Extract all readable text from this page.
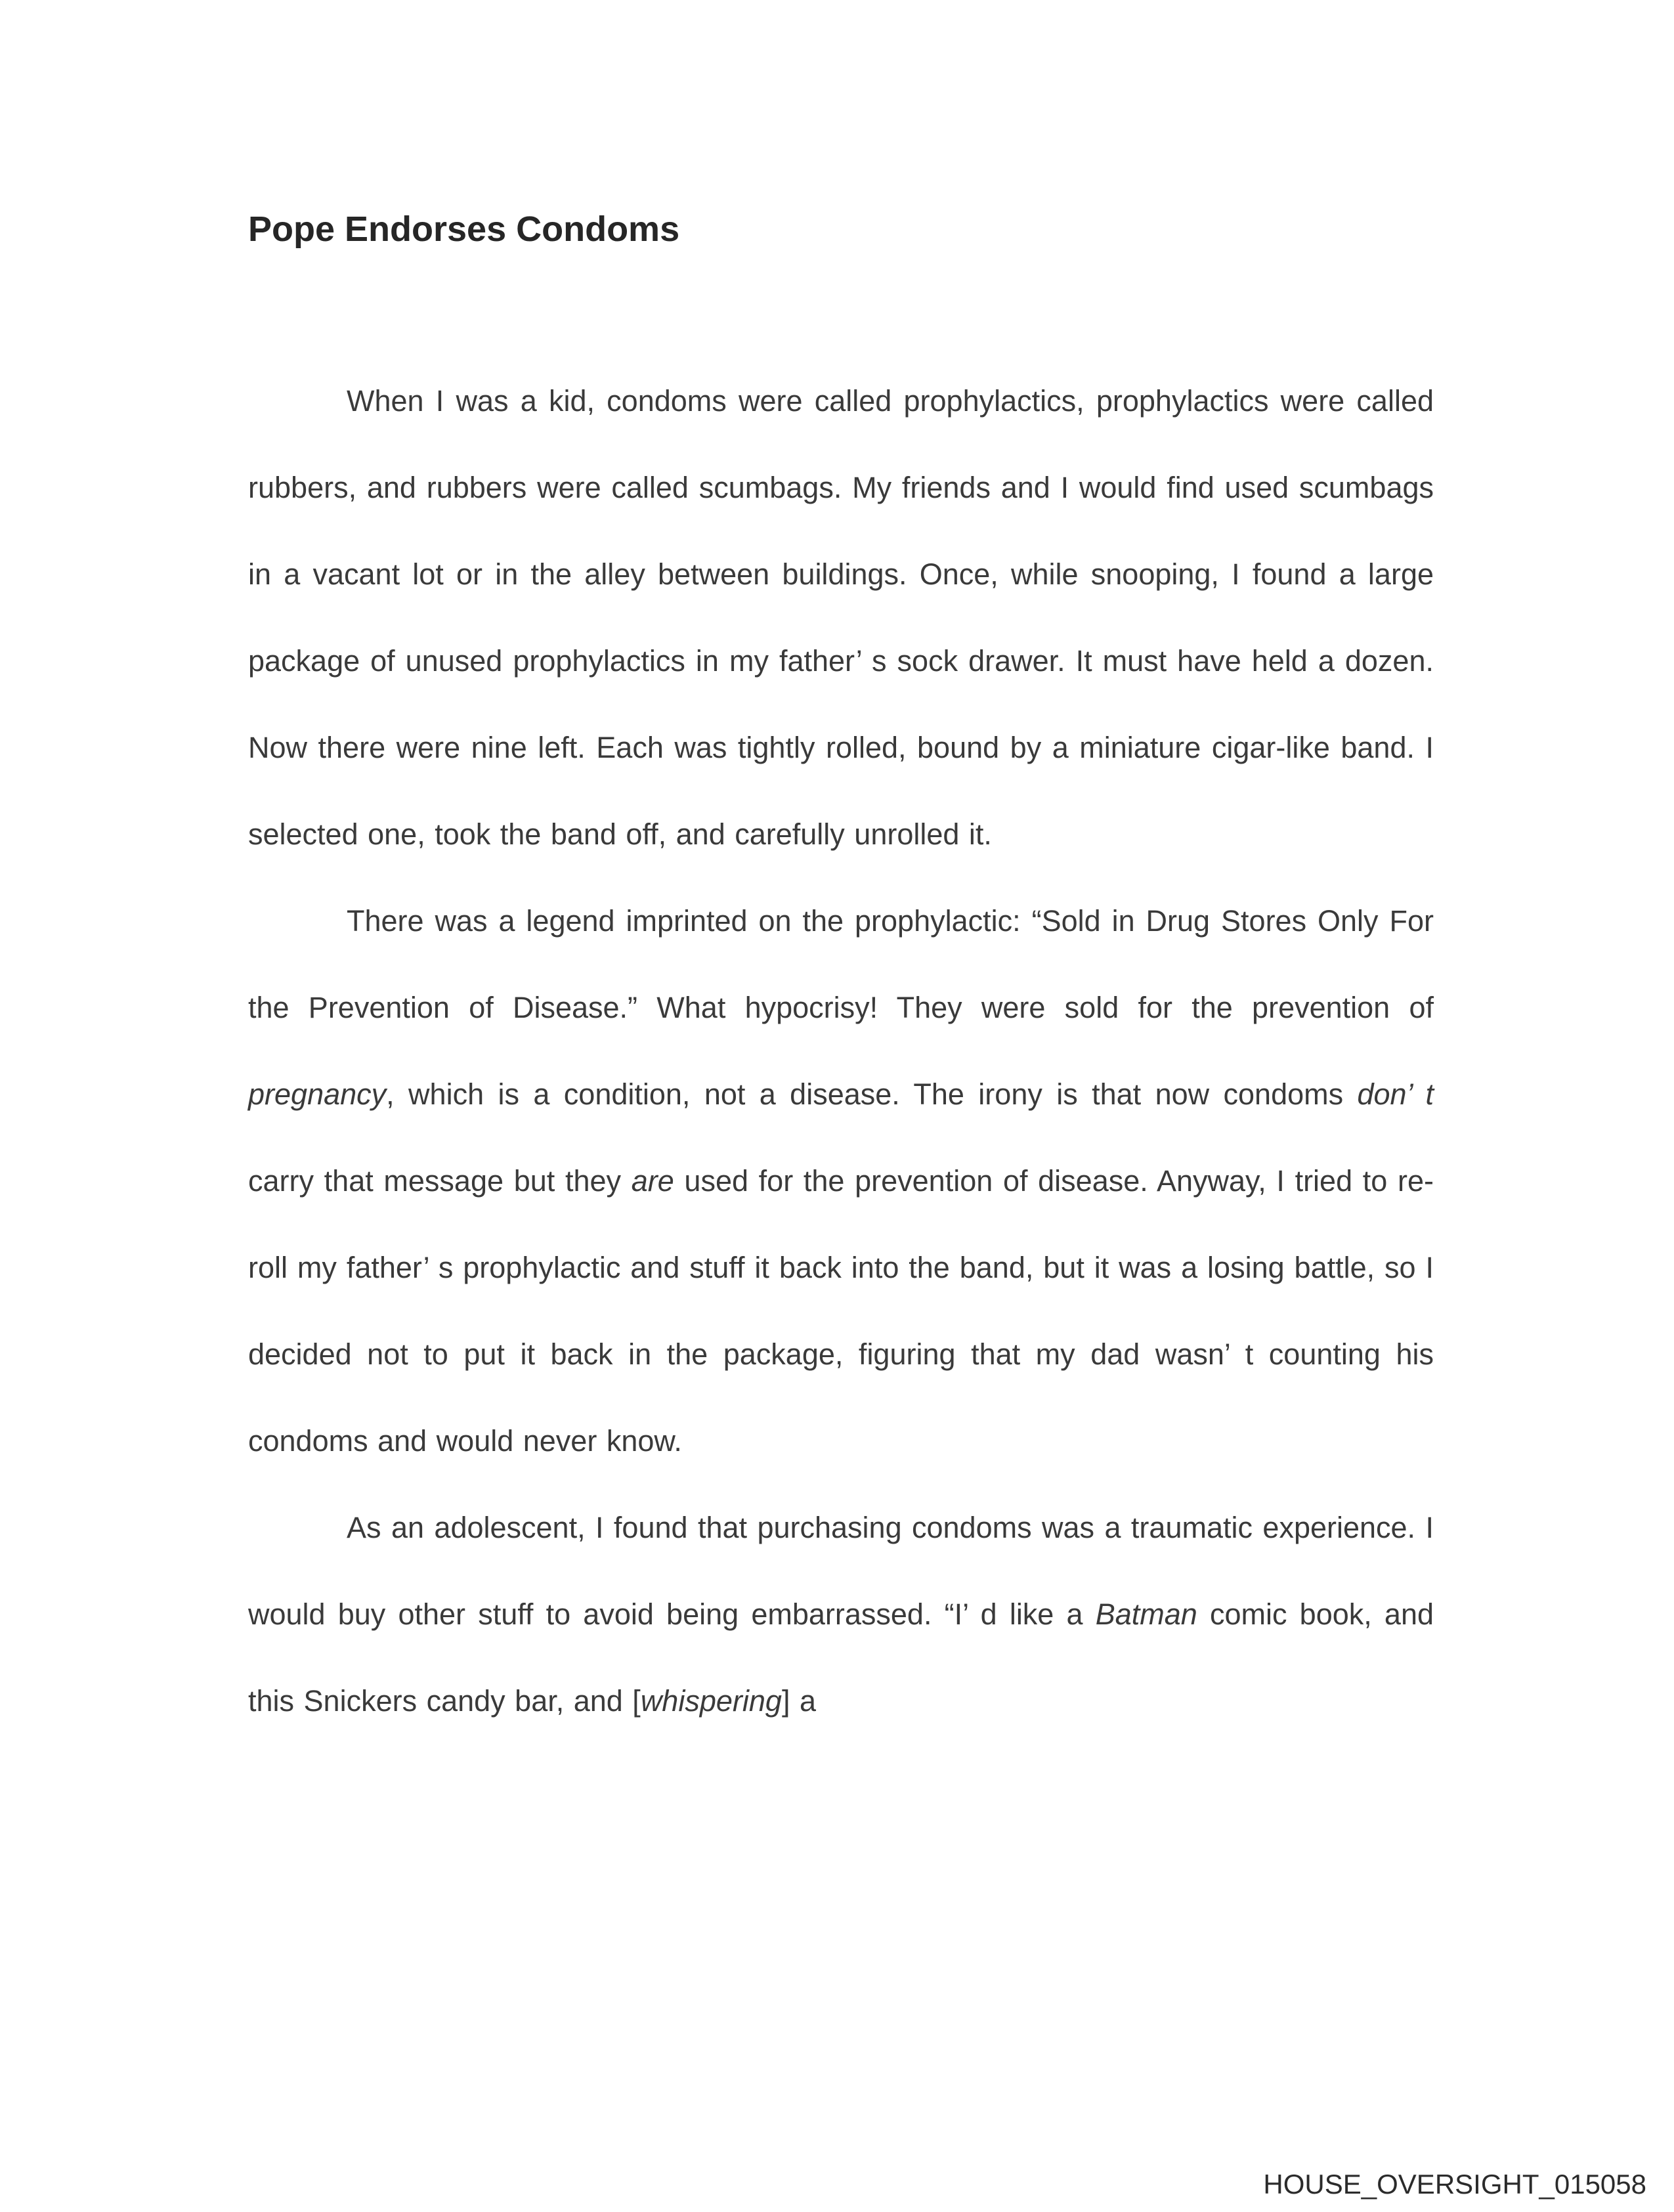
Pope Endorses Condoms

When I was a kid, condoms were called prophylactics, prophylactics were called rubbers, and rubbers were called scumbags. My friends and I would find used scumbags in a vacant lot or in the alley between buildings. Once, while snooping, I found a large package of unused prophylactics in my father’ s sock drawer. It must have held a dozen. Now there were nine left. Each was tightly rolled, bound by a miniature cigar-like band. I selected one, took the band off, and carefully unrolled it.

There was a legend imprinted on the prophylactic: “Sold in Drug Stores Only For the Prevention of Disease.” What hypocrisy! They were sold for the prevention of pregnancy, which is a condition, not a disease. The irony is that now condoms don’ t carry that message but they are used for the prevention of disease. Anyway, I tried to re-roll my father’ s prophylactic and stuff it back into the band, but it was a losing battle, so I decided not to put it back in the package, figuring that my dad wasn’ t counting his condoms and would never know.

As an adolescent, I found that purchasing condoms was a traumatic experience. I would buy other stuff to avoid being embarrassed. “I’ d like a Batman comic book, and this Snickers candy bar, and [whispering] a

HOUSE_OVERSIGHT_015058
